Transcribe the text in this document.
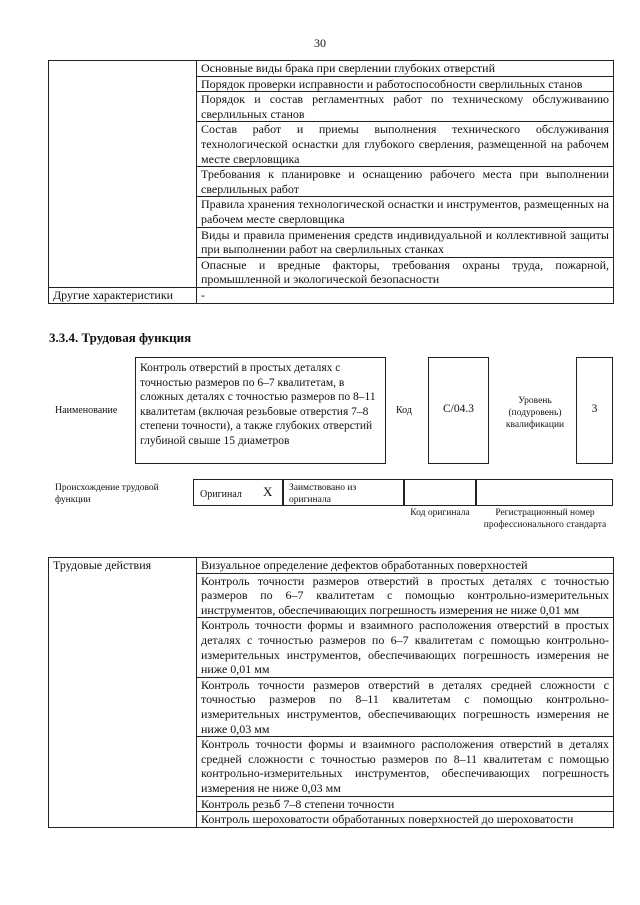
30

	Основные виды брака при сверлении глубоких отверстий

	Порядок проверки исправности и работоспособности сверлильных станов

	Порядок и состав регламентных работ по техническому обслуживанию сверлильных станов

	Состав работ и приемы выполнения технического обслуживания технологической оснастки для глубокого сверления, размещенной на рабочем месте сверловщика

	Требования к планировке и оснащению рабочего места при выполнении сверлильных работ

	Правила хранения технологической оснастки и инструментов, размещенных на рабочем месте сверловщика

	Виды и правила применения средств индивидуальной и коллективной защиты при выполнении работ на сверлильных станках

	Опасные и вредные факторы, требования охраны труда, пожарной, промышленной и экологической безопасности

Другие характеристики	-
3.3.4. Трудовая функция
Наименование
Контроль отверстий в простых деталях с точностью размеров по 6–7 квалитетам, в сложных деталях с точностью размеров по 8–11 квалитетам (включая резьбовые отверстия 7–8 степени точности), а также глубоких отверстий глубиной свыше 15 диаметров
Код	C/04.3
Уровень (подуровень) квалификации
3
Происхождение трудовой функции	Оригинал X Заимствовано из оригинала
Код оригинала	Регистрационный номер профессионального стандарта
Трудовые действия	Визуальное определение дефектов обработанных поверхностей

Контроль точности размеров отверстий в простых деталях с точностью размеров по 6–7 квалитетам с помощью контрольно-измерительных инструментов, обеспечивающих погрешность измерения не ниже 0,01 мм

Контроль точности формы и взаимного расположения отверстий в простых деталях с точностью размеров по 6–7 квалитетам с помощью контрольно-измерительных инструментов, обеспечивающих погрешность измерения не ниже 0,01 мм

Контроль точности размеров отверстий в деталях средней сложности с точностью размеров по 8–11 квалитетам с помощью контрольно-измерительных инструментов, обеспечивающих погрешность измерения не ниже 0,03 мм

Контроль точности формы и взаимного расположения отверстий в деталях средней сложности с точностью размеров по 8–11 квалитетам с помощью контрольно-измерительных инструментов, обеспечивающих погрешность измерения не ниже 0,03 мм

Контроль резьб 7–8 степени точности

Контроль шероховатости обработанных поверхностей до шероховатости
